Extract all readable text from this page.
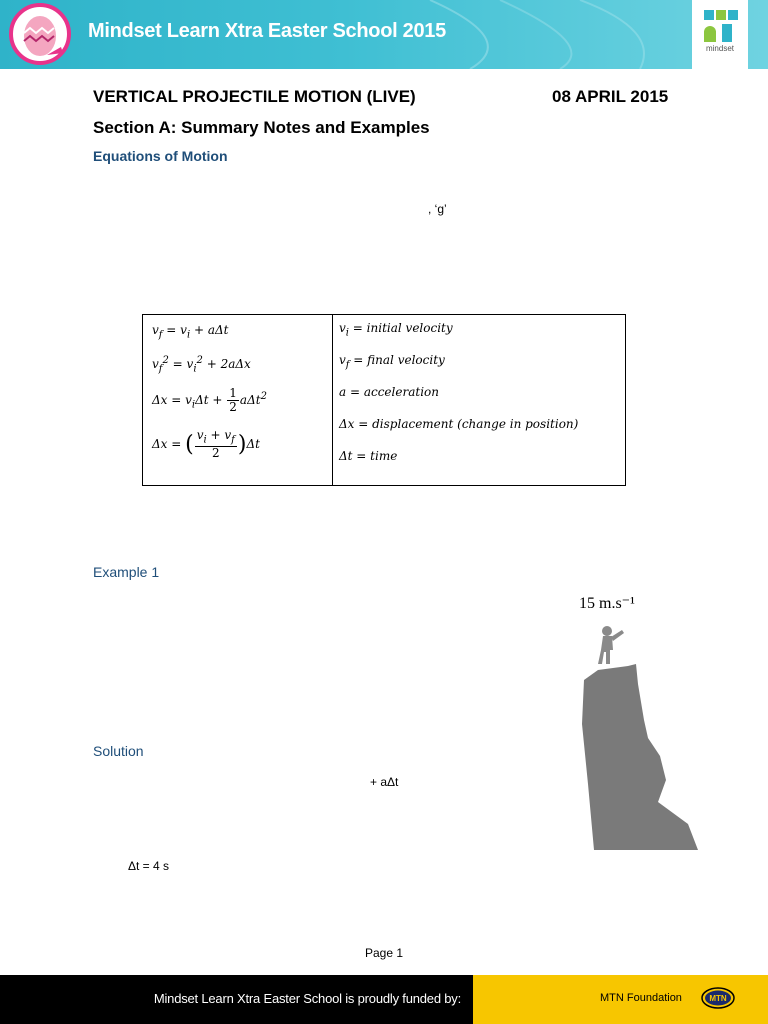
Mindset Learn Xtra Easter School 2015
mindset
VERTICAL PROJECTILE MOTION (LIVE)	08 APRIL 2015
Section A: Summary Notes and Examples
Equations of Motion
, ‘g’
$v_f = v_i + a\Delta t$
$v_f^2 = v_i^2 + 2a\Delta x$
$\Delta x = v_i\Delta t + \frac{1}{2} a\Delta t^2$
Δx = ( $\frac{v_i + v_f}{2} )\Delta t$
$v_i$ = initial velocity
$v_f$ = final velocity
a = acceleration
Δx = displacement (change in position)
Δt = time
Example 1
15 m.s⁻¹
Solution
+ aΔt
Δt = 4 s
Page 1
Mindset Learn Xtra Easter School is proudly funded by:	MTN Foundation	MTN
